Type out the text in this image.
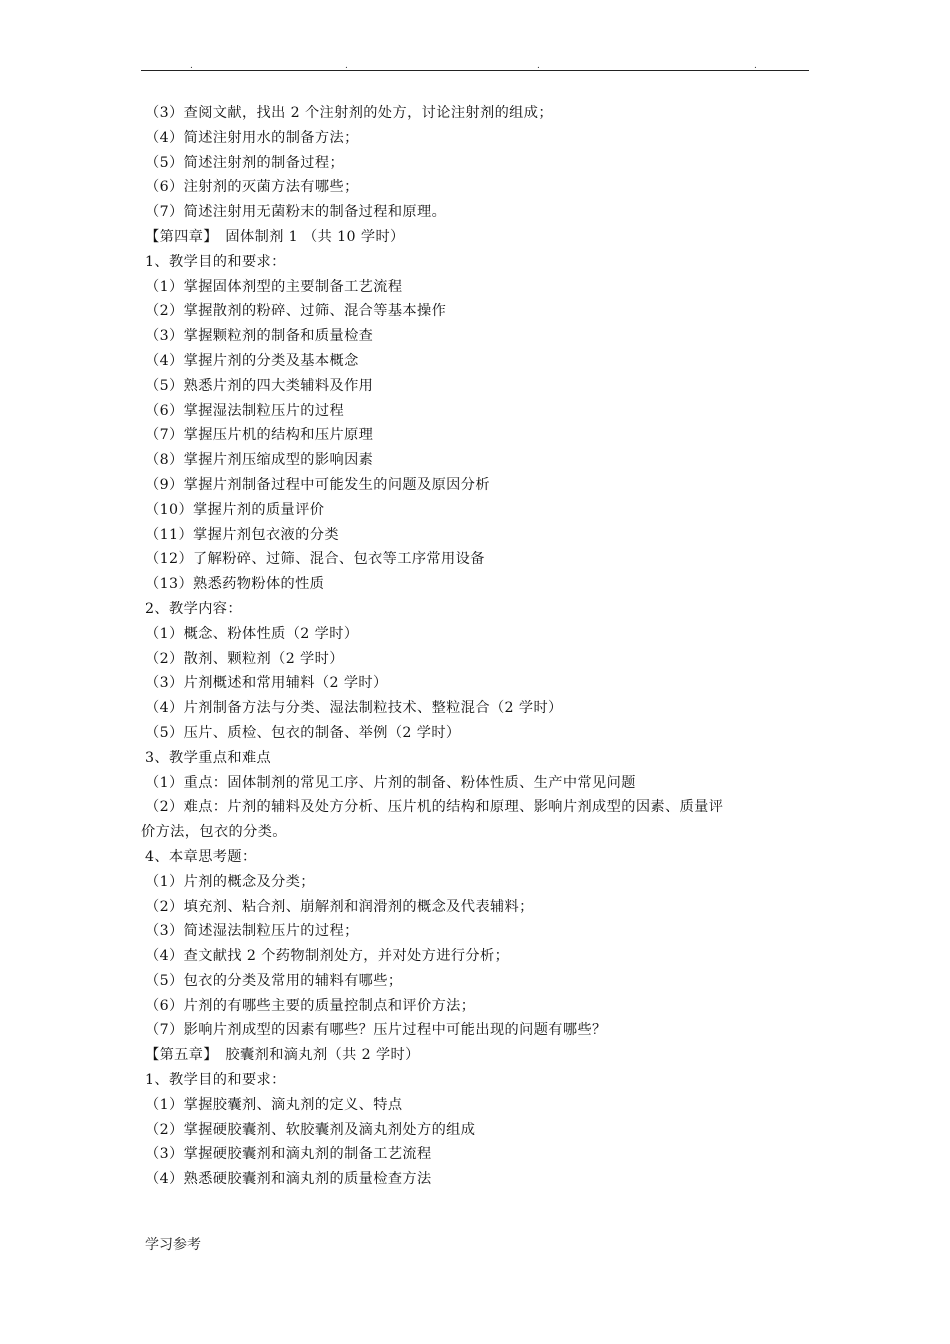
.	.	.	.
（3）查阅文献，找出 2 个注射剂的处方，讨论注射剂的组成；
（4）简述注射用水的制备方法；
（5）简述注射剂的制备过程；
（6）注射剂的灭菌方法有哪些；
（7）简述注射用无菌粉末的制备过程和原理。
【第四章】　固体制剂 1 （共 10 学时）
1、教学目的和要求：
（1）掌握固体剂型的主要制备工艺流程
（2）掌握散剂的粉碎、过筛、混合等基本操作
（3）掌握颗粒剂的制备和质量检查
（4）掌握片剂的分类及基本概念
（5）熟悉片剂的四大类辅料及作用
（6）掌握湿法制粒压片的过程
（7）掌握压片机的结构和压片原理
（8）掌握片剂压缩成型的影响因素
（9）掌握片剂制备过程中可能发生的问题及原因分析
（10）掌握片剂的质量评价
（11）掌握片剂包衣液的分类
（12）了解粉碎、过筛、混合、包衣等工序常用设备
（13）熟悉药物粉体的性质
2、教学内容：
（1）概念、粉体性质（2 学时）
（2）散剂、颗粒剂（2 学时）
（3）片剂概述和常用辅料（2 学时）
（4）片剂制备方法与分类、湿法制粒技术、整粒混合（2 学时）
（5）压片、质检、包衣的制备、举例（2 学时）
3、教学重点和难点
（1）重点：固体制剂的常见工序、片剂的制备、粉体性质、生产中常见问题
（2）难点：片剂的辅料及处方分析、压片机的结构和原理、影响片剂成型的因素、质量评
价方法，包衣的分类。
4、本章思考题：
（1）片剂的概念及分类；
（2）填充剂、粘合剂、崩解剂和润滑剂的概念及代表辅料；
（3）简述湿法制粒压片的过程；
（4）查文献找 2 个药物制剂处方，并对处方进行分析；
（5）包衣的分类及常用的辅料有哪些；
（6）片剂的有哪些主要的质量控制点和评价方法；
（7）影响片剂成型的因素有哪些？压片过程中可能出现的问题有哪些？
【第五章】　胶囊剂和滴丸剂（共 2 学时）
1、教学目的和要求：
（1）掌握胶囊剂、滴丸剂的定义、特点
（2）掌握硬胶囊剂、软胶囊剂及滴丸剂处方的组成
（3）掌握硬胶囊剂和滴丸剂的制备工艺流程
（4）熟悉硬胶囊剂和滴丸剂的质量检查方法
学习参考
